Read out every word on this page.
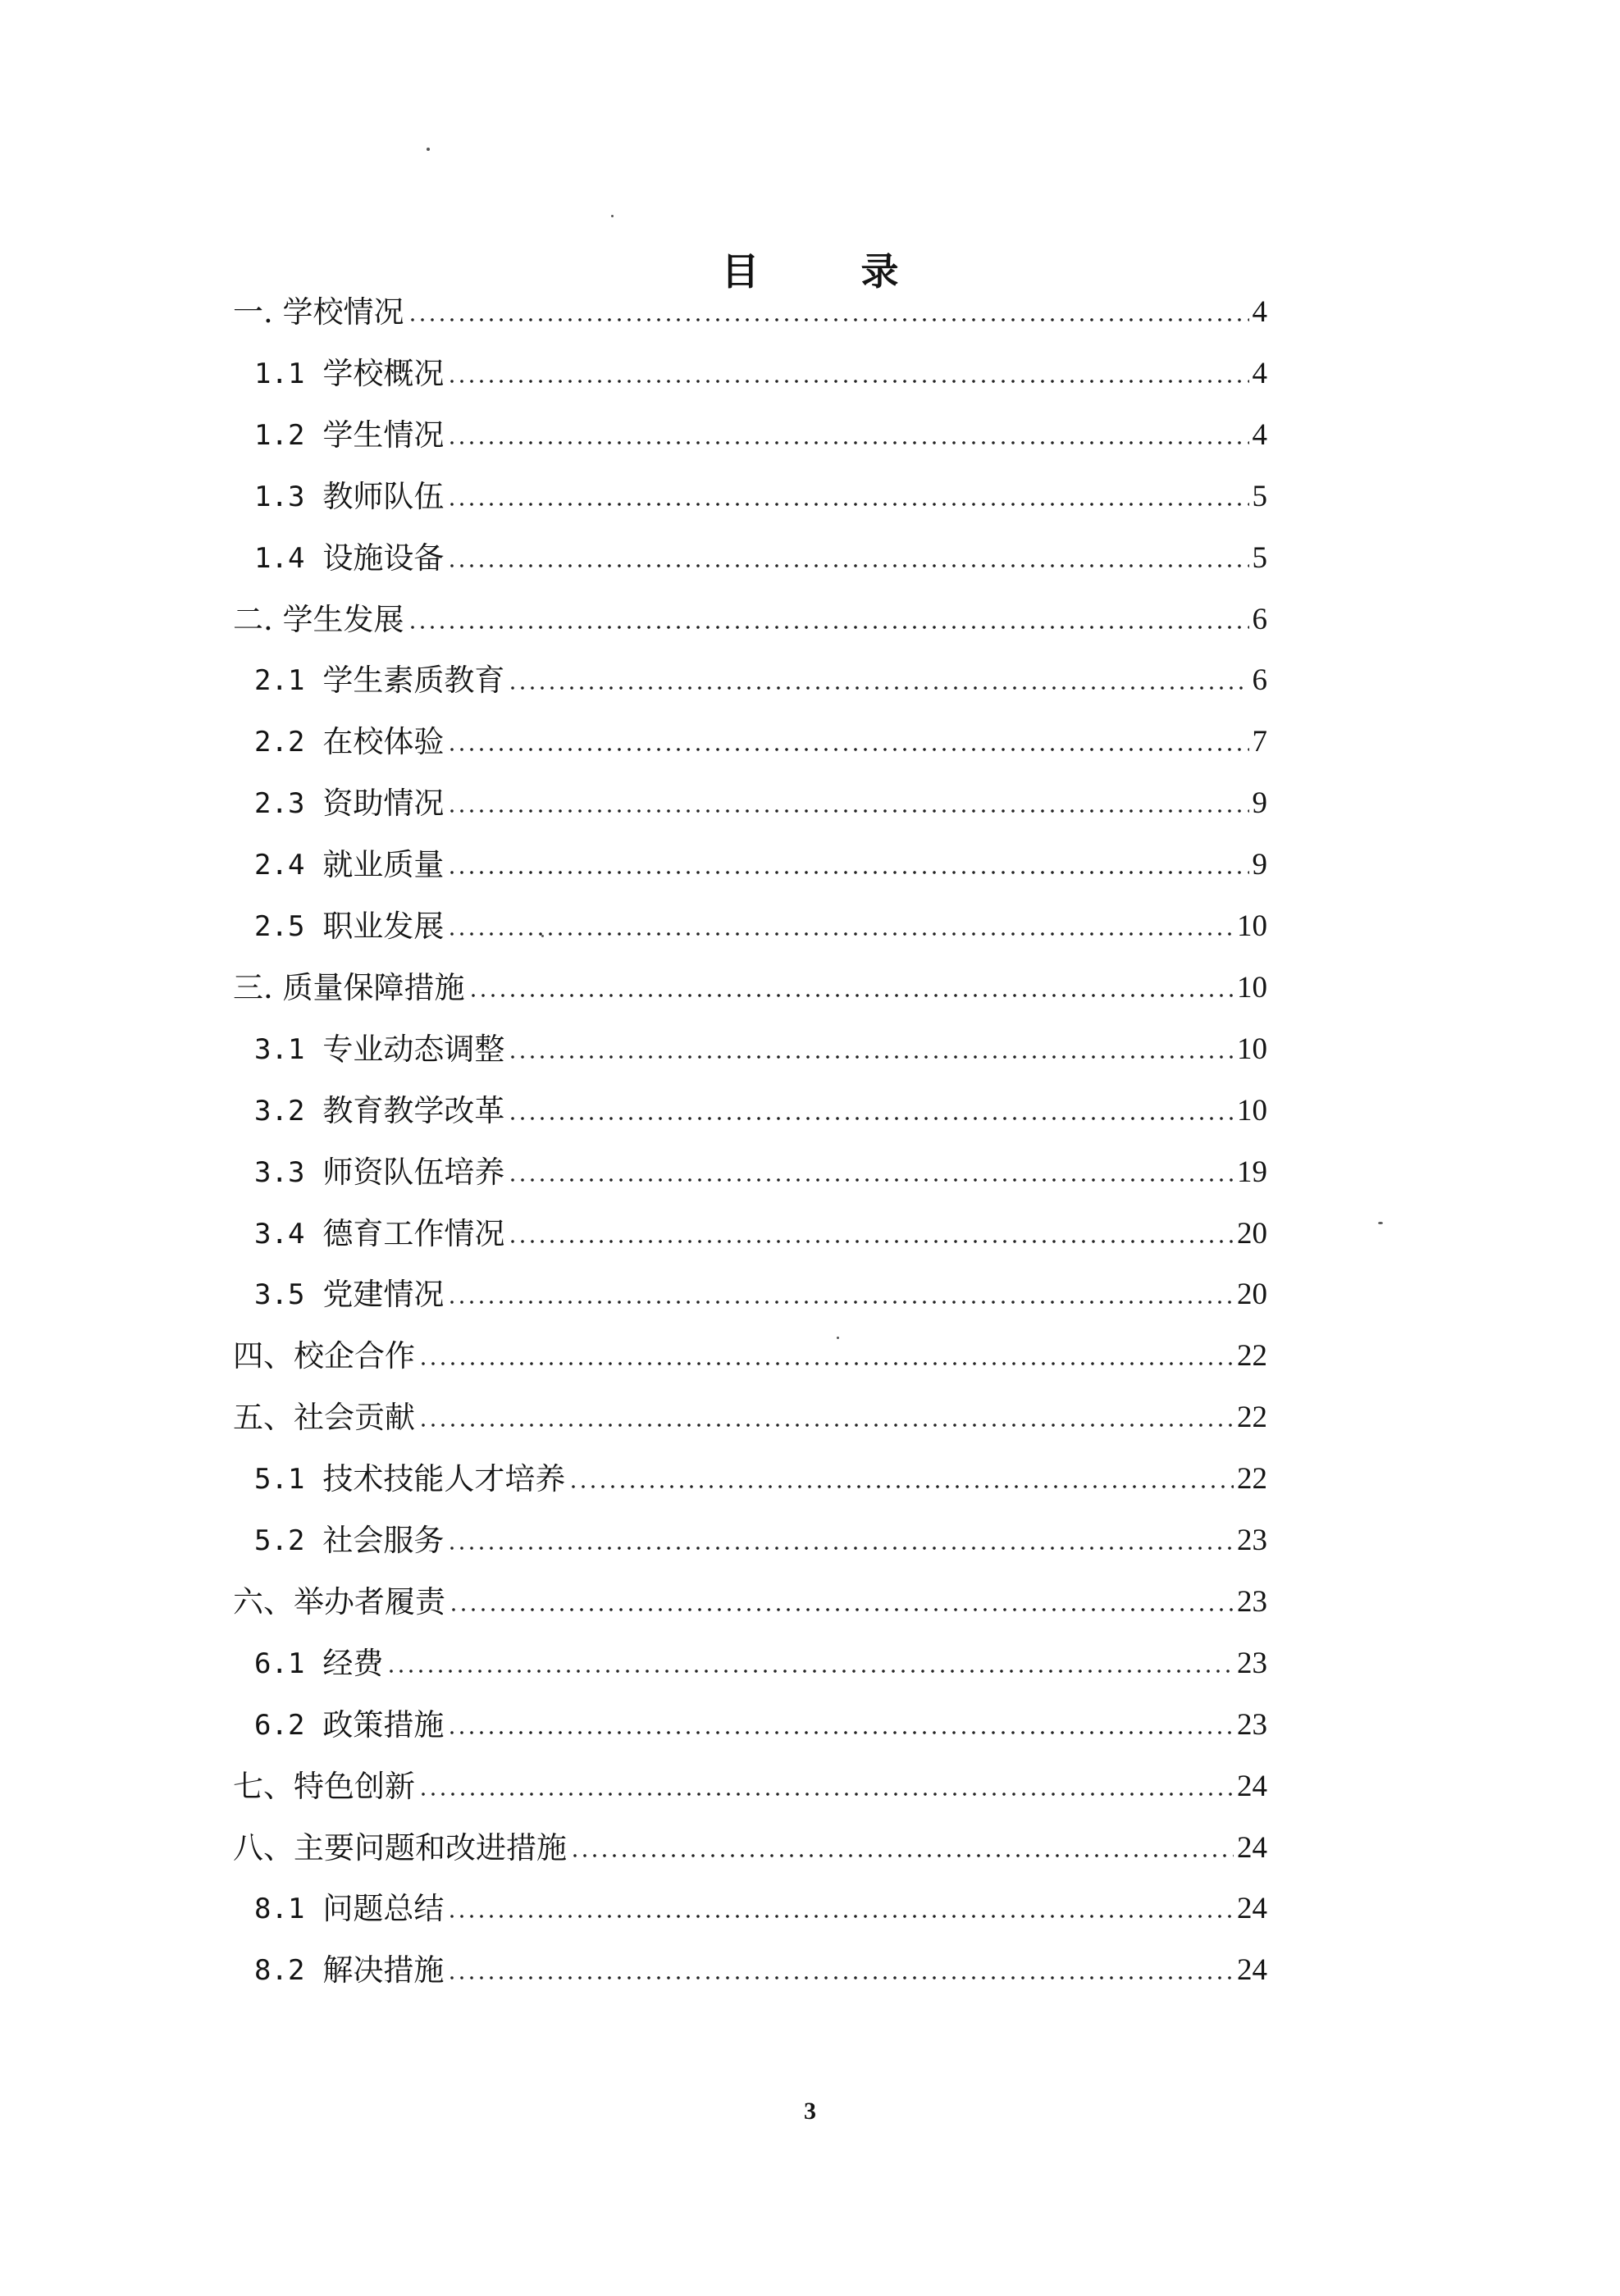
目 录
一. 学校情况	4
1.1 学校概况	4
1.2 学生情况	4
1.3 教师队伍	5
1.4 设施设备	5
二. 学生发展	6
2.1 学生素质教育	6
2.2 在校体验	7
2.3 资助情况	9
2.4 就业质量	9
2.5 职业发展	10
三. 质量保障措施	10
3.1 专业动态调整	10
3.2 教育教学改革	10
3.3 师资队伍培养	19
3.4 德育工作情况	20
3.5 党建情况	20
四、校企合作	22
五、社会贡献	22
5.1 技术技能人才培养	22
5.2 社会服务	23
六、举办者履责	23
6.1 经费	23
6.2 政策措施	23
七、特色创新	24
八、主要问题和改进措施	24
8.1 问题总结	24
8.2 解决措施	24
3
